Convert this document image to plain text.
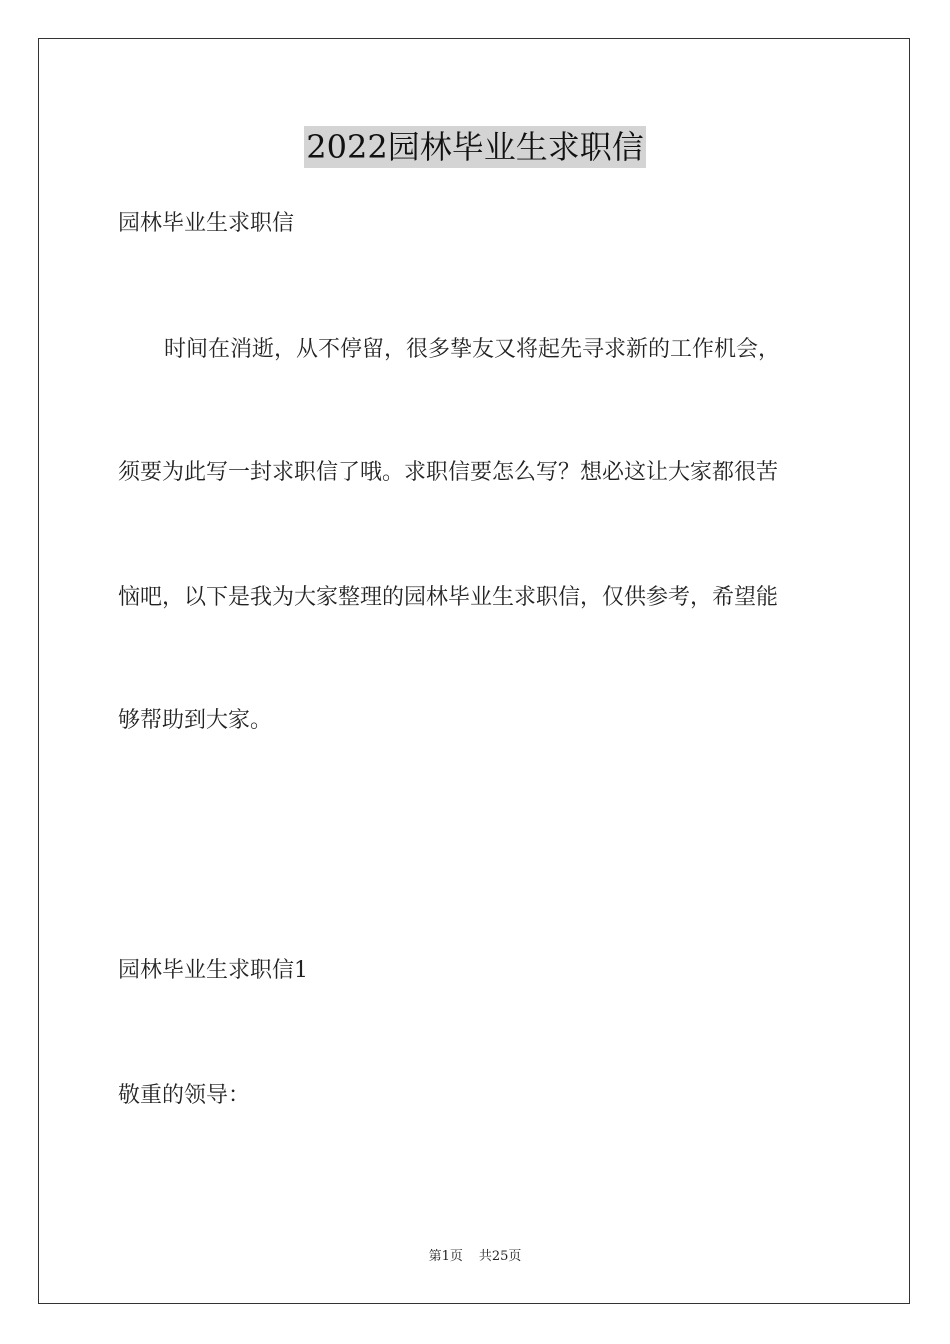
2022园林毕业生求职信
园林毕业生求职信
时间在消逝，从不停留，很多挚友又将起先寻求新的工作机会，
须要为此写一封求职信了哦。求职信要怎么写？想必这让大家都很苦
恼吧，以下是我为大家整理的园林毕业生求职信，仅供参考，希望能
够帮助到大家。
园林毕业生求职信1
敬重的领导：
第1页 共25页
